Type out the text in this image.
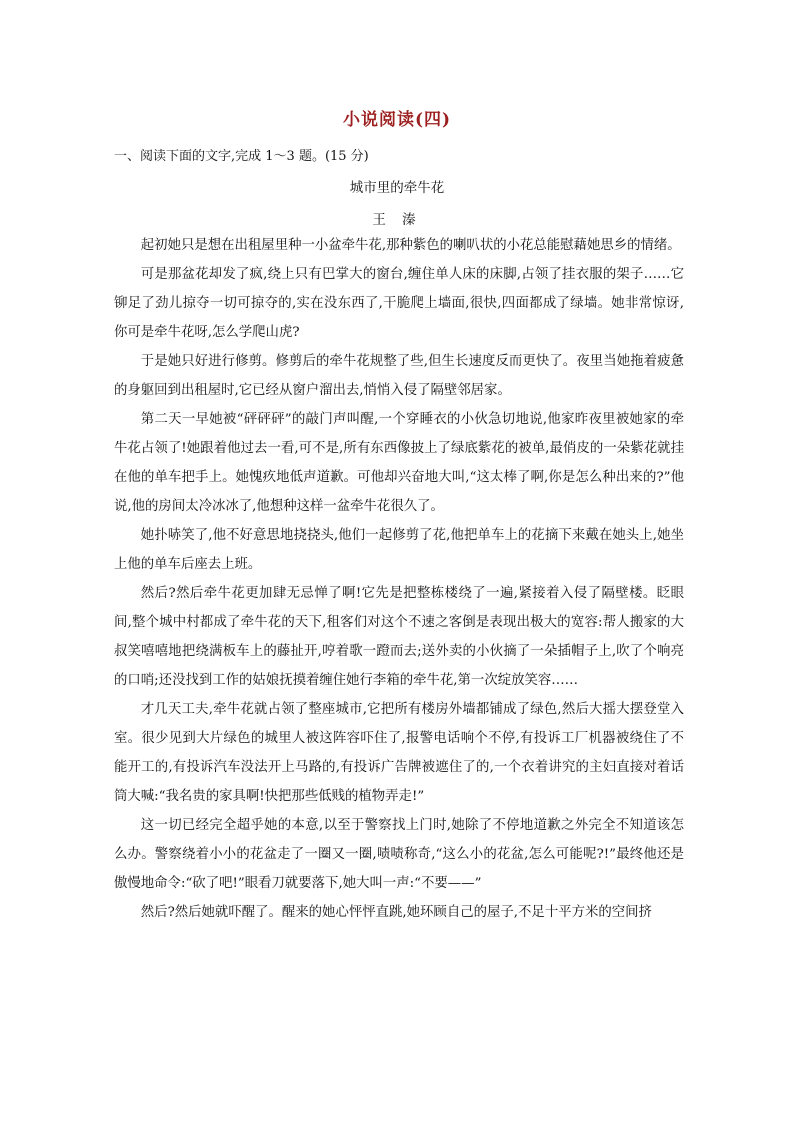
小说阅读(四)
一、阅读下面的文字,完成 1～3 题。(15 分)
城市里的牵牛花
王 溱

起初她只是想在出租屋里种一小盆牵牛花,那种紫色的喇叭状的小花总能慰藉她思乡的情绪。

可是那盆花却发了疯,绕上只有巴掌大的窗台,缠住单人床的床脚,占领了挂衣服的架子……它铆足了劲儿掠夺一切可掠夺的,实在没东西了,干脆爬上墙面,很快,四面都成了绿墙。她非常惊讶,你可是牵牛花呀,怎么学爬山虎?

于是她只好进行修剪。修剪后的牵牛花规整了些,但生长速度反而更快了。夜里当她拖着疲惫的身躯回到出租屋时,它已经从窗户溜出去,悄悄入侵了隔壁邻居家。

第二天一早她被“砰砰砰”的敲门声叫醒,一个穿睡衣的小伙急切地说,他家昨夜里被她家的牵牛花占领了!她跟着他过去一看,可不是,所有东西像披上了绿底紫花的被单,最俏皮的一朵紫花就挂在他的单车把手上。她愧疚地低声道歉。可他却兴奋地大叫,“这太棒了啊,你是怎么种出来的?”他说,他的房间太冷冰冰了,他想种这样一盆牵牛花很久了。

她扑哧笑了,他不好意思地挠挠头,他们一起修剪了花,他把单车上的花摘下来戴在她头上,她坐上他的单车后座去上班。

然后?然后牵牛花更加肆无忌惮了啊!它先是把整栋楼绕了一遍,紧接着入侵了隔壁楼。眨眼间,整个城中村都成了牵牛花的天下,租客们对这个不速之客倒是表现出极大的宽容:帮人搬家的大叔笑嘻嘻地把绕满板车上的藤扯开,哼着歌一蹬而去;送外卖的小伙摘了一朵插帽子上,吹了个响亮的口哨;还没找到工作的姑娘抚摸着缠住她行李箱的牵牛花,第一次绽放笑容……

才几天工夫,牵牛花就占领了整座城市,它把所有楼房外墙都铺成了绿色,然后大摇大摆登堂入室。很少见到大片绿色的城里人被这阵容吓住了,报警电话响个不停,有投诉工厂机器被绕住了不能开工的,有投诉汽车没法开上马路的,有投诉广告牌被遮住了的,一个衣着讲究的主妇直接对着话筒大喊:“我名贵的家具啊!快把那些低贱的植物弄走!”

这一切已经完全超乎她的本意,以至于警察找上门时,她除了不停地道歉之外完全不知道该怎么办。警察绕着小小的花盆走了一圈又一圈,啧啧称奇,“这么小的花盆,怎么可能呢?!”最终他还是傲慢地命令:“砍了吧!”眼看刀就要落下,她大叫一声:“不要——”

然后?然后她就吓醒了。醒来的她心怦怦直跳,她环顾自己的屋子,不足十平方米的空间挤
